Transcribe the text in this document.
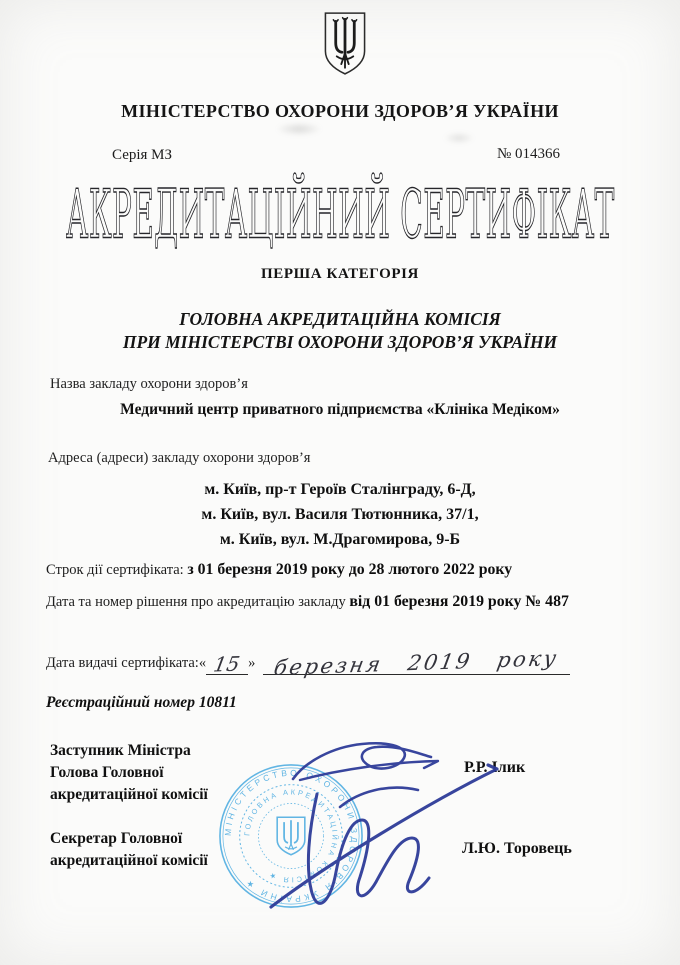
МІНІСТЕРСТВО ОХОРОНИ ЗДОРОВ’Я УКРАЇНИ
Серія МЗ	№ 014366
АКРЕДИТАЦІЙНИЙ СЕРТИФІКАТ
ПЕРША КАТЕГОРІЯ
ГОЛОВНА АКРЕДИТАЦІЙНА КОМІСІЯ
ПРИ МІНІСТЕРСТВІ ОХОРОНИ ЗДОРОВ’Я УКРАЇНИ
Назва закладу охорони здоров’я
Медичний центр приватного підприємства «Клініка Медіком»
Адреса (адреси) закладу охорони здоров’я
м. Київ, пр-т Героїв Сталінграду, 6-Д,
м. Київ, вул. Василя Тютюнника, 37/1,
м. Київ, вул. М.Драгомирова, 9-Б
Строк дії сертифіката: з 01 березня 2019 року до 28 лютого 2022 року
Дата та номер рішення про акредитацію закладу від 01 березня 2019 року № 487
Дата видачі сертифіката: « 15 » березня 2019 року
Реєстраційний номер 10811
Заступник Міністра
Голова Головної
акредитаційної комісії
Р.Р. Ілик
Секретар Головної
акредитаційної комісії
Л.Ю. Торовець
МІНІСТЕРСТВО ОХОРОНИ ЗДОРОВ’Я УКРАЇНИ ★
ГОЛОВНА АКРЕДИТАЦІЙНА КОМІСІЯ ★
